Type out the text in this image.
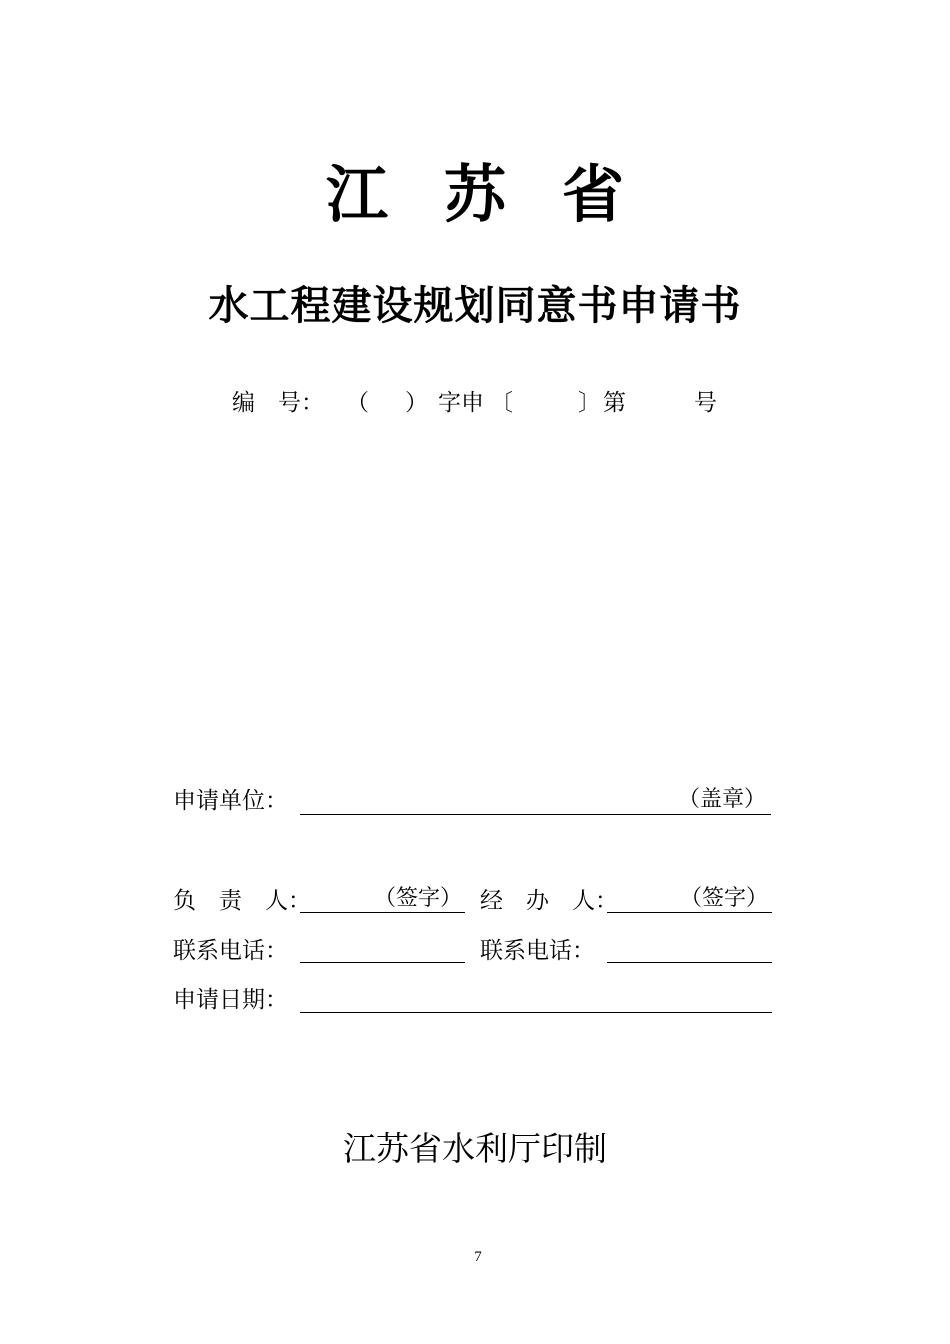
江苏省
水工程建设规划同意书申请书
编　号： （ ） 字申 〔	〕 第	号
申请单位：	（盖章）
负　责　人：	（签字） 经　办　人：	（签字）
联系电话：	联系电话：
申请日期：
江苏省水利厅印制
7
